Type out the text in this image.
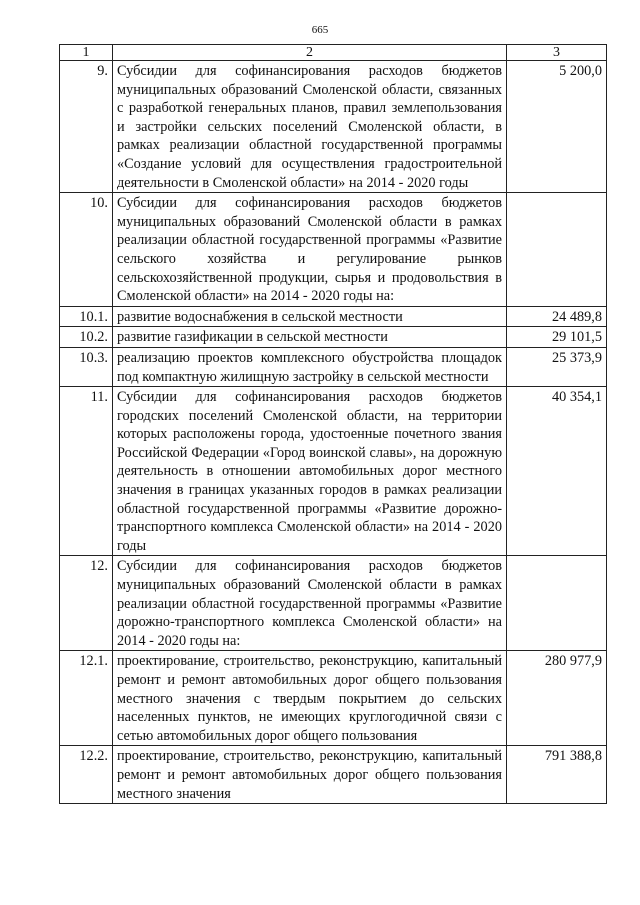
665
1	2	3
9.	Субсидии для софинансирования расходов бюджетов муниципальных образований Смоленской области, связанных с разработкой генеральных планов, правил землепользования и застройки сельских поселений Смоленской области, в рамках реализации областной государственной программы «Создание условий для осуществления градостроительной деятельности в Смоленской области» на 2014 - 2020 годы	5 200,0
10.	Субсидии для софинансирования расходов бюджетов муниципальных образований Смоленской области в рамках реализации областной государственной программы «Развитие сельского хозяйства и регулирование рынков сельскохозяйственной продукции, сырья и продовольствия в Смоленской области» на 2014 - 2020 годы на:	
10.1.	развитие водоснабжения в сельской местности	24 489,8
10.2.	развитие газификации в сельской местности	29 101,5
10.3.	реализацию проектов комплексного обустройства площадок под компактную жилищную застройку в сельской местности	25 373,9
11.	Субсидии для софинансирования расходов бюджетов городских поселений Смоленской области, на территории которых расположены города, удостоенные почетного звания Российской Федерации «Город воинской славы», на дорожную деятельность в отношении автомобильных дорог местного значения в границах указанных городов в рамках реализации областной государственной программы «Развитие дорожно-транспортного комплекса Смоленской области» на 2014 - 2020 годы	40 354,1
12.	Субсидии для софинансирования расходов бюджетов муниципальных образований Смоленской области в рамках реализации областной государственной программы «Развитие дорожно-транспортного комплекса Смоленской области» на 2014 - 2020 годы на:	
12.1.	проектирование, строительство, реконструкцию, капитальный ремонт и ремонт автомобильных дорог общего пользования местного значения с твердым покрытием до сельских населенных пунктов, не имеющих круглогодичной связи с сетью автомобильных дорог общего пользования	280 977,9
12.2.	проектирование, строительство, реконструкцию, капитальный ремонт и ремонт автомобильных дорог общего пользования местного значения	791 388,8
